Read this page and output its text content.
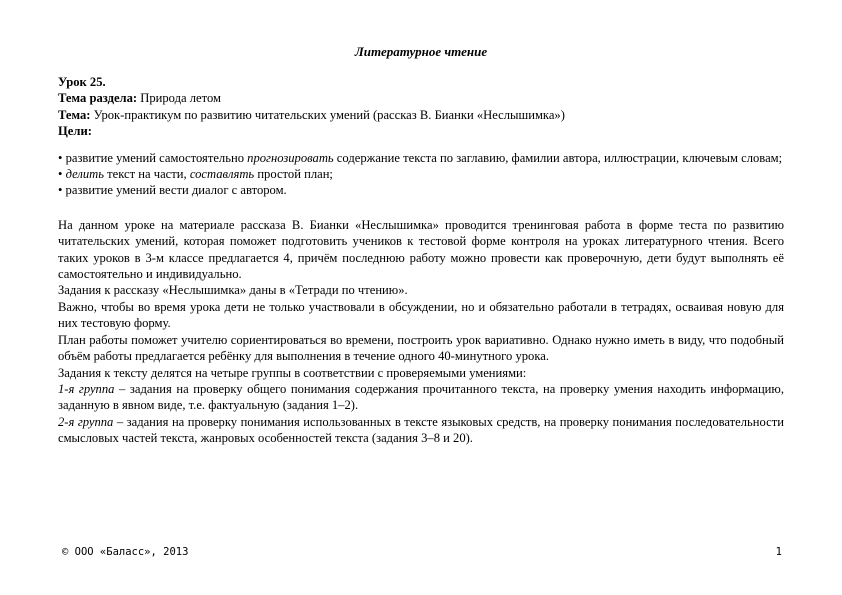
Литературное чтение

Урок 25.

Тема раздела: Природа летом

Тема: Урок-практикум по развитию читательских умений (рассказ В. Бианки «Неслышимка»)

Цели:

• развитие умений самостоятельно прогнозировать содержание текста по заглавию, фамилии автора, иллюстрации, ключевым словам;

• делить текст на части, составлять простой план;

• развитие умений вести диалог с автором.

На данном уроке на материале рассказа В. Бианки «Неслышимка» проводится тренинговая работа в форме теста по развитию читательских умений, которая поможет подготовить учеников к тестовой форме контроля на уроках литературного чтения. Всего таких уроков в 3-м классе предлагается 4, причём последнюю работу можно провести как проверочную, дети будут выполнять её самостоятельно и индивидуально.

Задания к рассказу «Неслышимка» даны в «Тетради по чтению».

Важно, чтобы во время урока дети не только участвовали в обсуждении, но и обязательно работали в тетрадях, осваивая новую для них тестовую форму.

План работы поможет учителю сориентироваться во времени, построить урок вариативно. Однако нужно иметь в виду, что подобный объём работы предлагается ребёнку для выполнения в течение одного 40-минутного урока.

Задания к тексту делятся на четыре группы в соответствии с проверяемыми умениями:

1-я группа – задания на проверку общего понимания содержания прочитанного текста, на проверку умения находить информацию, заданную в явном виде, т.е. фактуальную (задания 1–2).

2-я группа – задания на проверку понимания использованных в тексте языковых средств, на проверку понимания последовательности смысловых частей текста, жанровых особенностей текста (задания 3–8 и 20).

© ООО «Баласс», 2013	1
